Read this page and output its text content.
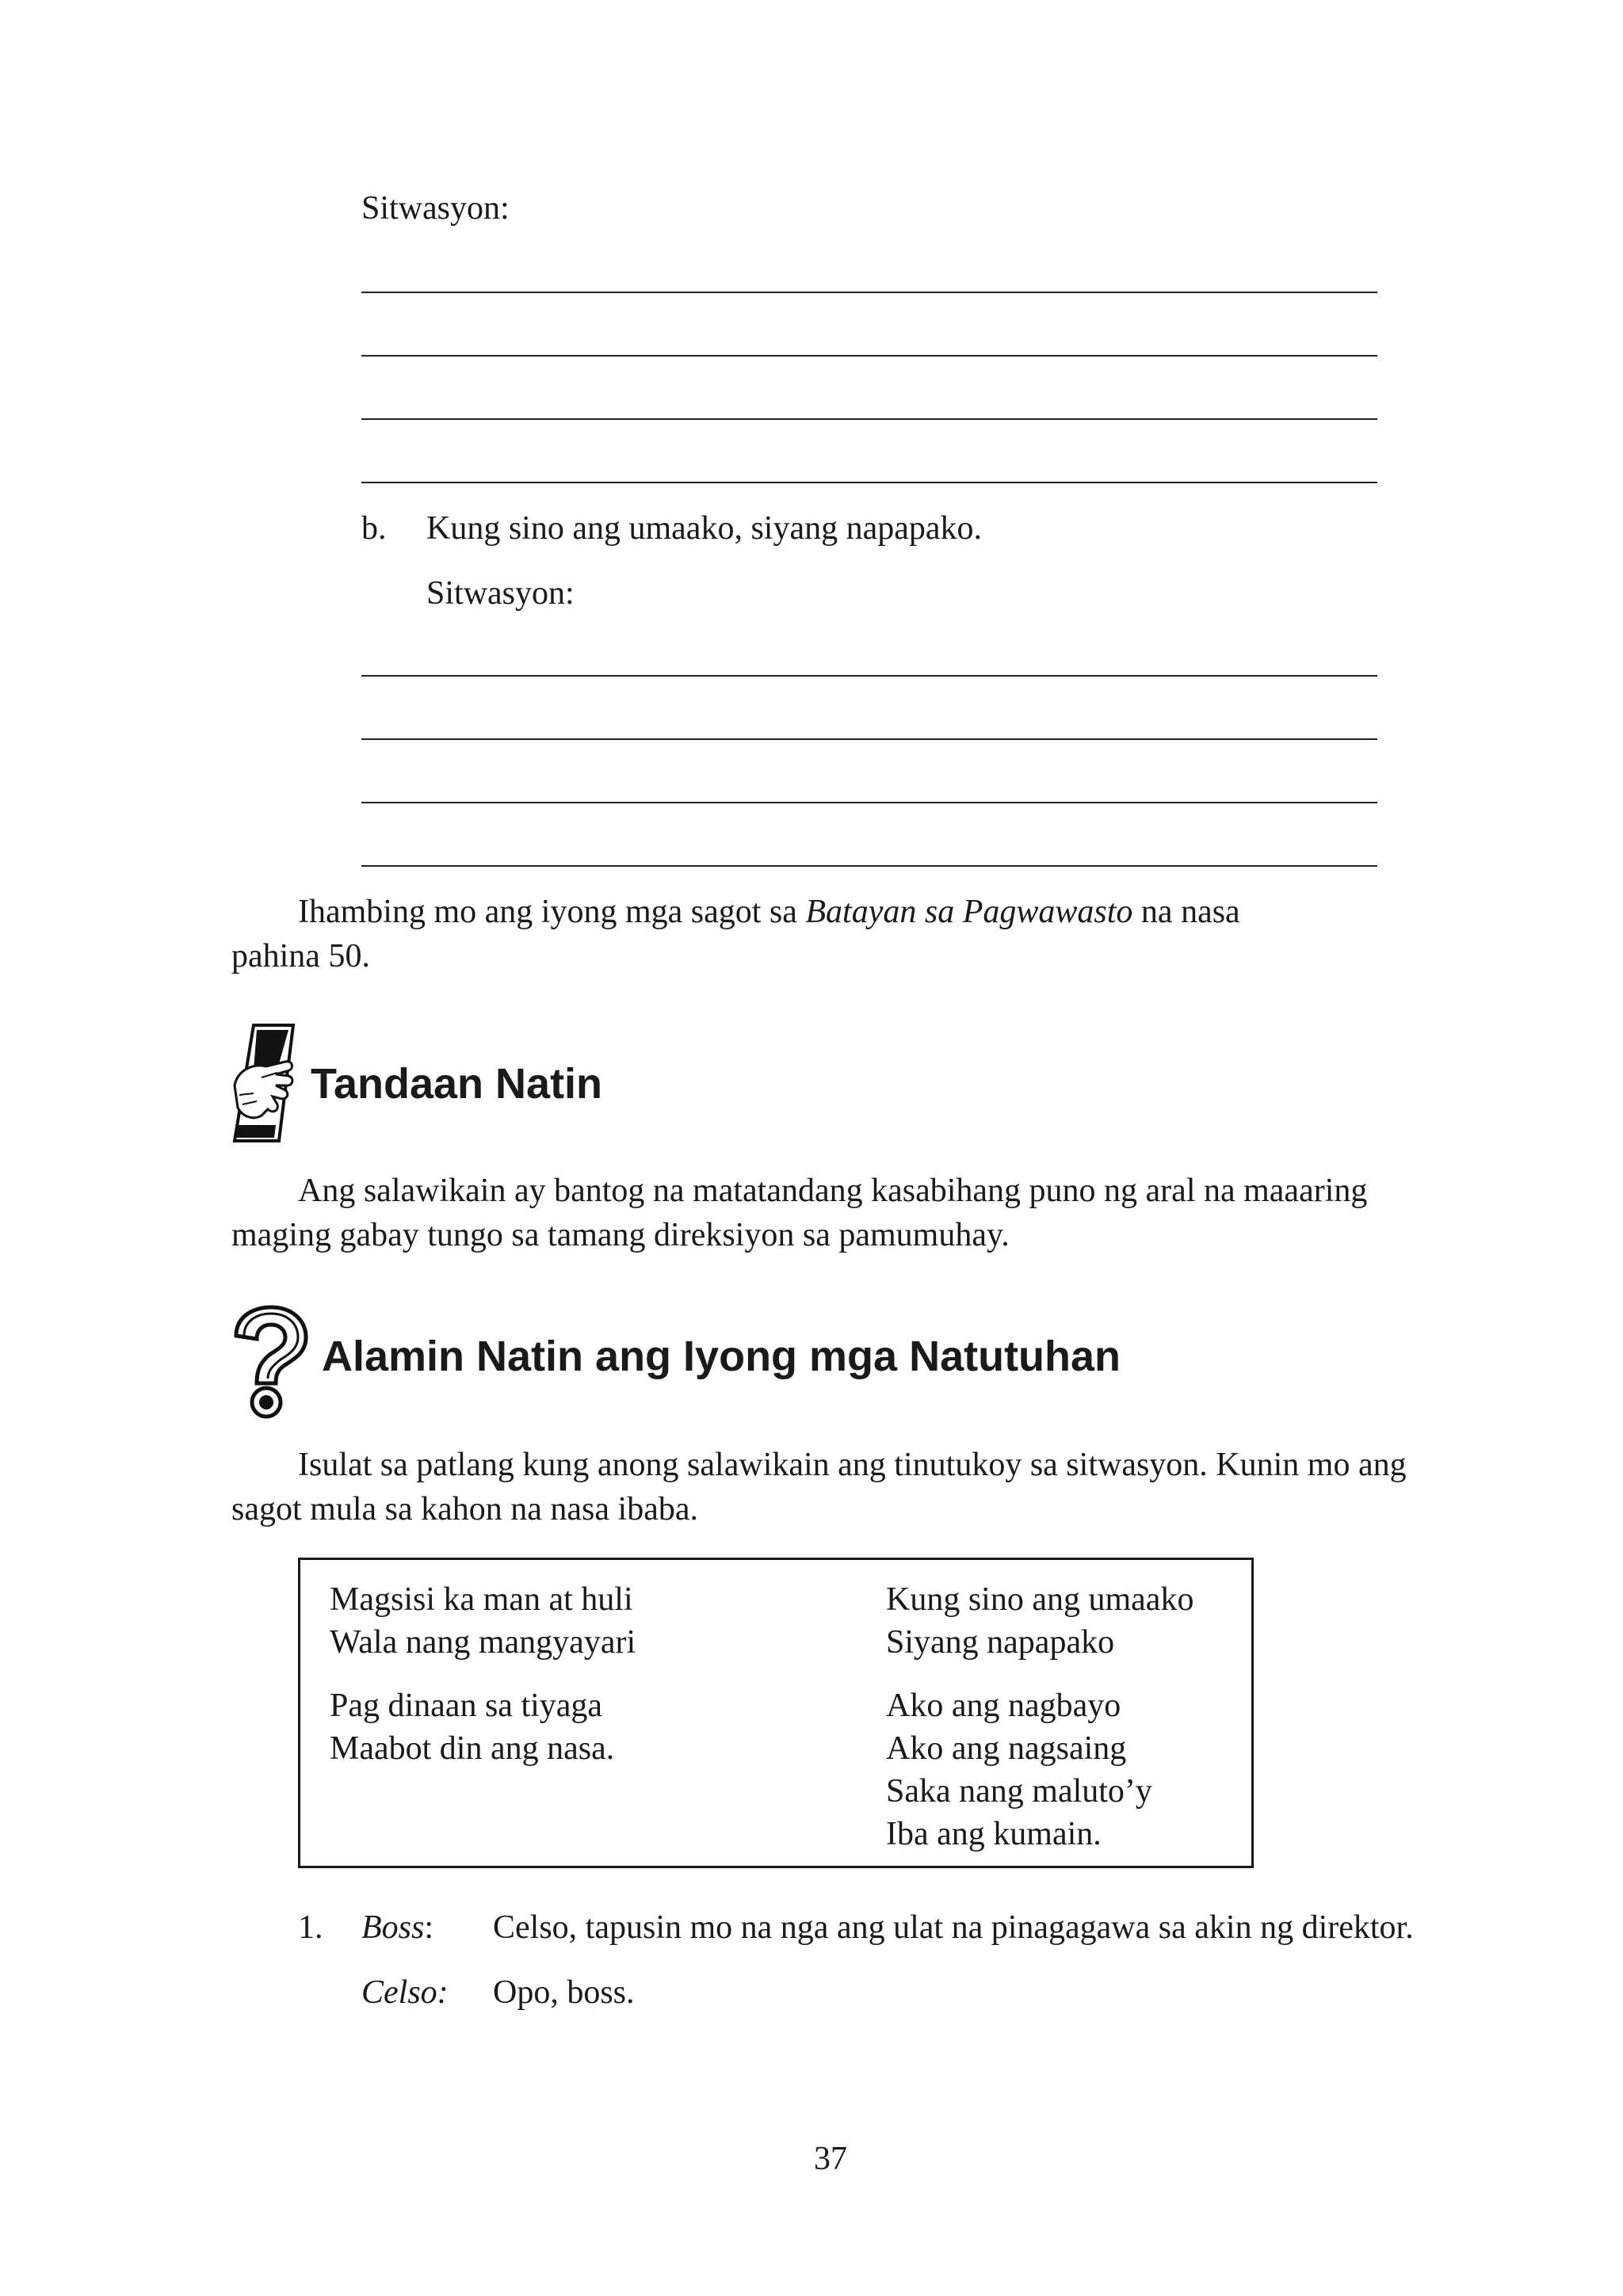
Sitwasyon:
b. Kung sino ang umaako, siyang napapako.
Sitwasyon:
Ihambing mo ang iyong mga sagot sa Batayan sa Pagwawasto na nasa
pahina 50.
Tandaan Natin
Ang salawikain ay bantog na matatandang kasabihang puno ng aral na maaaring
maging gabay tungo sa tamang direksiyon sa pamumuhay.
Alamin Natin ang Iyong mga Natutuhan
Isulat sa patlang kung anong salawikain ang tinutukoy sa sitwasyon. Kunin mo ang
sagot mula sa kahon na nasa ibaba.
Magsisi ka man at huli
Wala nang mangyayari
Pag dinaan sa tiyaga
Maabot din ang nasa.
Kung sino ang umaako
Siyang napapako
Ako ang nagbayo
Ako ang nagsaing
Saka nang maluto’y
Iba ang kumain.
1. Boss: Celso, tapusin mo na nga ang ulat na pinagagawa sa akin ng direktor.
Celso: Opo, boss.
37
